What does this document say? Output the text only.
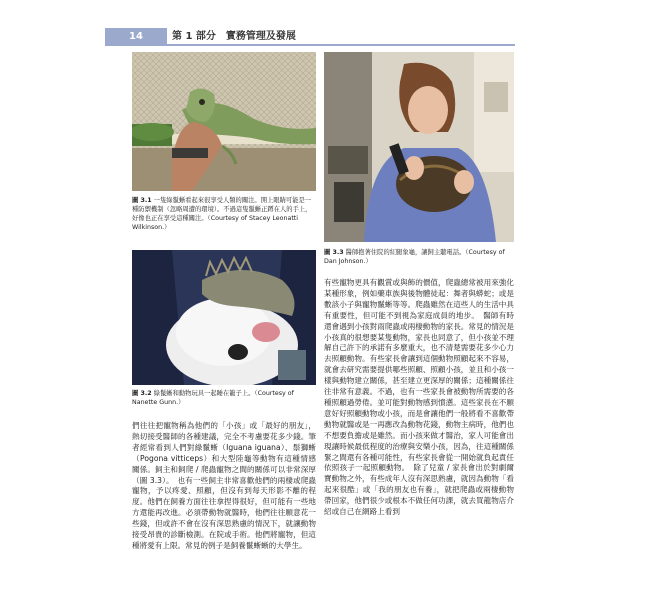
14	第 1 部分　實務管理及發展
圖 3.1 一隻綠鬣蜥看起來很享受人類的關注。開上眼睛可能是一種防禦機制（忽略周遭的環境）。不過這隻鬣蜥正蹲在人的手上，好像也正在享受這種關注。（Courtesy of Stacey Leonatti Wilkinson.）
圖 3.2 綠鬣蜥和動物玩具一起睡在籠子上。（Courtesy of Nanette Gunn.）
圖 3.3 醫師抱著住院的紅腿象龜，讓飼主聽電話。（Courtesy of Dan Johnson.）

們往往把寵物稱為他們的「小孩」或「最好的朋友」，熱切接受醫師的各種建議，完全不考慮要花多少錢。筆者經常看到人們對綠鬣蜥（Iguana iguana）、鬃獅蜥（Pogona vitticeps）和大型陸龜等動物有這種情感關係。飼主和飼爬 / 爬蟲寵物之間的關係可以非常深厚（圖 3.3）。　也有一些飼主非常喜歡他們的兩棲或爬蟲寵物，予以疼愛、照顧，但沒有到每天形影不離的程度。他們在飼養方面往往拿捏得很好，但可能有一些地方還能再改進。必須帶動物就醫時，他們往往願意花一些錢，但或許不會在沒有深思熟慮的情況下，就讓動物接受昂貴的診斷檢測。在院或手術。他們將寵物，但這種將愛有上限。常見的例子是飼養鬣蜥蜥的大學生。

有些寵物更具有觀賞或與飾的價值，爬蟲總常被用來強化某種形象，例如藥車族與後物體徒起：舞者與蟒蛇；或是數該小子與寵物鬣蜥等等。爬蟲雖然在這些人的生活中具有重要性，但可能不到視為家庭成員的地步。　醫師有時還會遇到小孩對雨爬蟲或兩棲動物的家長。常見的情況是小孩真的很想要某隻動物，家長也同意了，但小孩並不理解自己許下的承諾有多麼重大，也不清楚需要花多少心力去照顧動物。有些家長會讓到這個動物照顧起來不容易，就會去研究需要提供哪些照顧、照顧小孩，並且和小孩一樣與動物建立關係，甚至建立更深厚的關係；這種關係往往非常有意義。不過，也有一些家長會被動物所需要的各種照顧過勞倦。並可能對動物感到憤懣。這些家長在不願意好好照顧動物或小孩，而是會讓他們一般將看不喜歡帶動物就醫或是一再應改為動物花錢，動物主病時，他們也不想要負擔或是雖然。而小孩來做才醫治，家人可能會出現讓時候最低程度的治療與安樂小孩，因為，往這種關係緊之間還有各種可能性，有些家長會從一開始就負起責任依照孩子一起照顧動物。　除了兒童 / 家長會出於對劇爾寶動物之外，有些成年人沒有深思熟慮，就因為動物「看起來很酷」或「我的朋友也有養」，就把爬蟲或兩棲動物帶回家，他們很少或根本不做任何功課，就去買龍物店介紹或自己在網路上看到
